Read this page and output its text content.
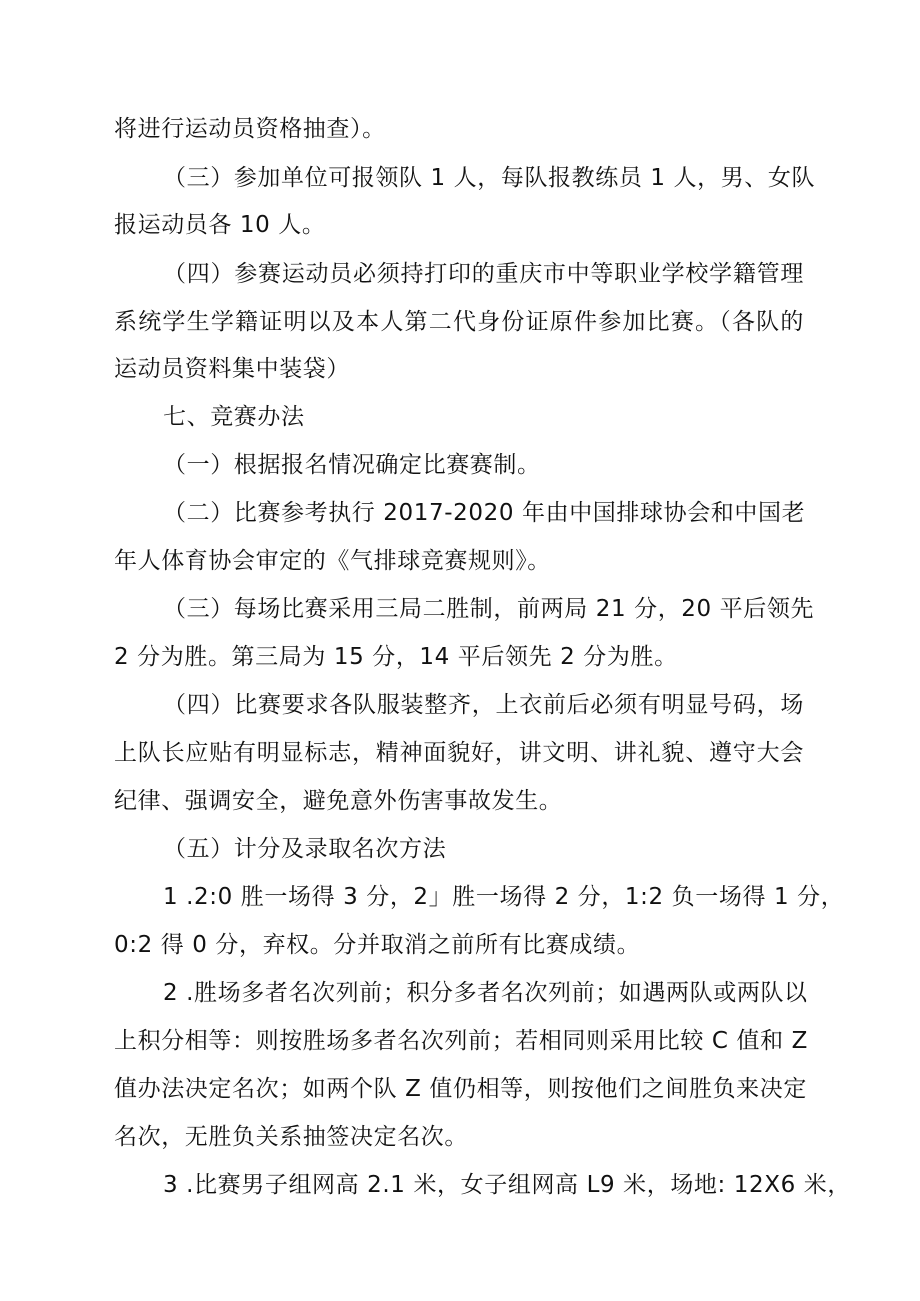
将进行运动员资格抽查）。
（三）参加单位可报领队 1 人，每队报教练员 1 人，男、女队
报运动员各 10 人。
（四）参赛运动员必须持打印的重庆市中等职业学校学籍管理
系统学生学籍证明以及本人第二代身份证原件参加比赛。（各队的
运动员资料集中装袋）
七、竞赛办法
（一）根据报名情况确定比赛赛制。
（二）比赛参考执行 2017-2020 年由中国排球协会和中国老
年人体育协会审定的《气排球竞赛规则》。
（三）每场比赛采用三局二胜制，前两局 21 分，20 平后领先
2 分为胜。第三局为 15 分，14 平后领先 2 分为胜。
（四）比赛要求各队服装整齐，上衣前后必须有明显号码，场
上队长应贴有明显标志，精神面貌好，讲文明、讲礼貌、遵守大会
纪律、强调安全，避免意外伤害事故发生。
（五）计分及录取名次方法
1 .2:0 胜一场得 3 分，2」胜一场得 2 分，1:2 负一场得 1 分，
0:2 得 0 分，弃权。分并取消之前所有比赛成绩。
2 .胜场多者名次列前；积分多者名次列前；如遇两队或两队以
上积分相等：则按胜场多者名次列前；若相同则采用比较 C 值和 Z
值办法决定名次；如两个队 Z 值仍相等，则按他们之间胜负来决定
名次，无胜负关系抽签决定名次。
3 .比赛男子组网高 2.1 米，女子组网高 L9 米，场地: 12X6 米，
